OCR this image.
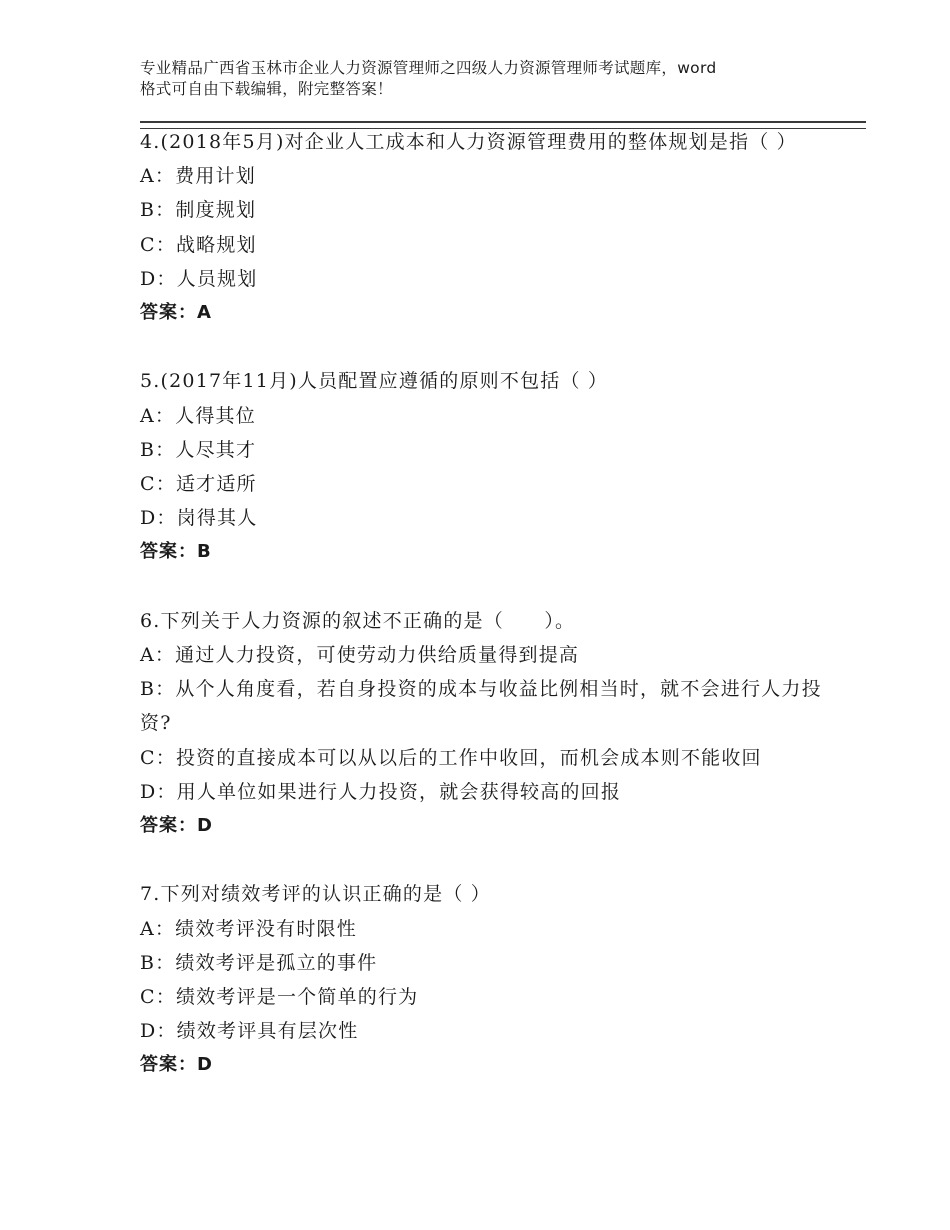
专业精品广西省玉林市企业人力资源管理师之四级人力资源管理师考试题库，word
格式可自由下载编辑，附完整答案！
4.(2018年5月)对企业人工成本和人力资源管理费用的整体规划是指（ ）
A：费用计划
B：制度规划
C：战略规划
D：人员规划
答案：A
5.(2017年11月)人员配置应遵循的原则不包括（ ）
A：人得其位
B：人尽其才
C：适才适所
D：岗得其人
答案：B
6.下列关于人力资源的叙述不正确的是（　　）。
A：通过人力投资，可使劳动力供给质量得到提高
B：从个人角度看，若自身投资的成本与收益比例相当时，就不会进行人力投资?
C：投资的直接成本可以从以后的工作中收回，而机会成本则不能收回
D：用人单位如果进行人力投资，就会获得较高的回报
答案：D
7.下列对绩效考评的认识正确的是（ ）
A：绩效考评没有时限性
B：绩效考评是孤立的事件
C：绩效考评是一个简单的行为
D：绩效考评具有层次性
答案：D
